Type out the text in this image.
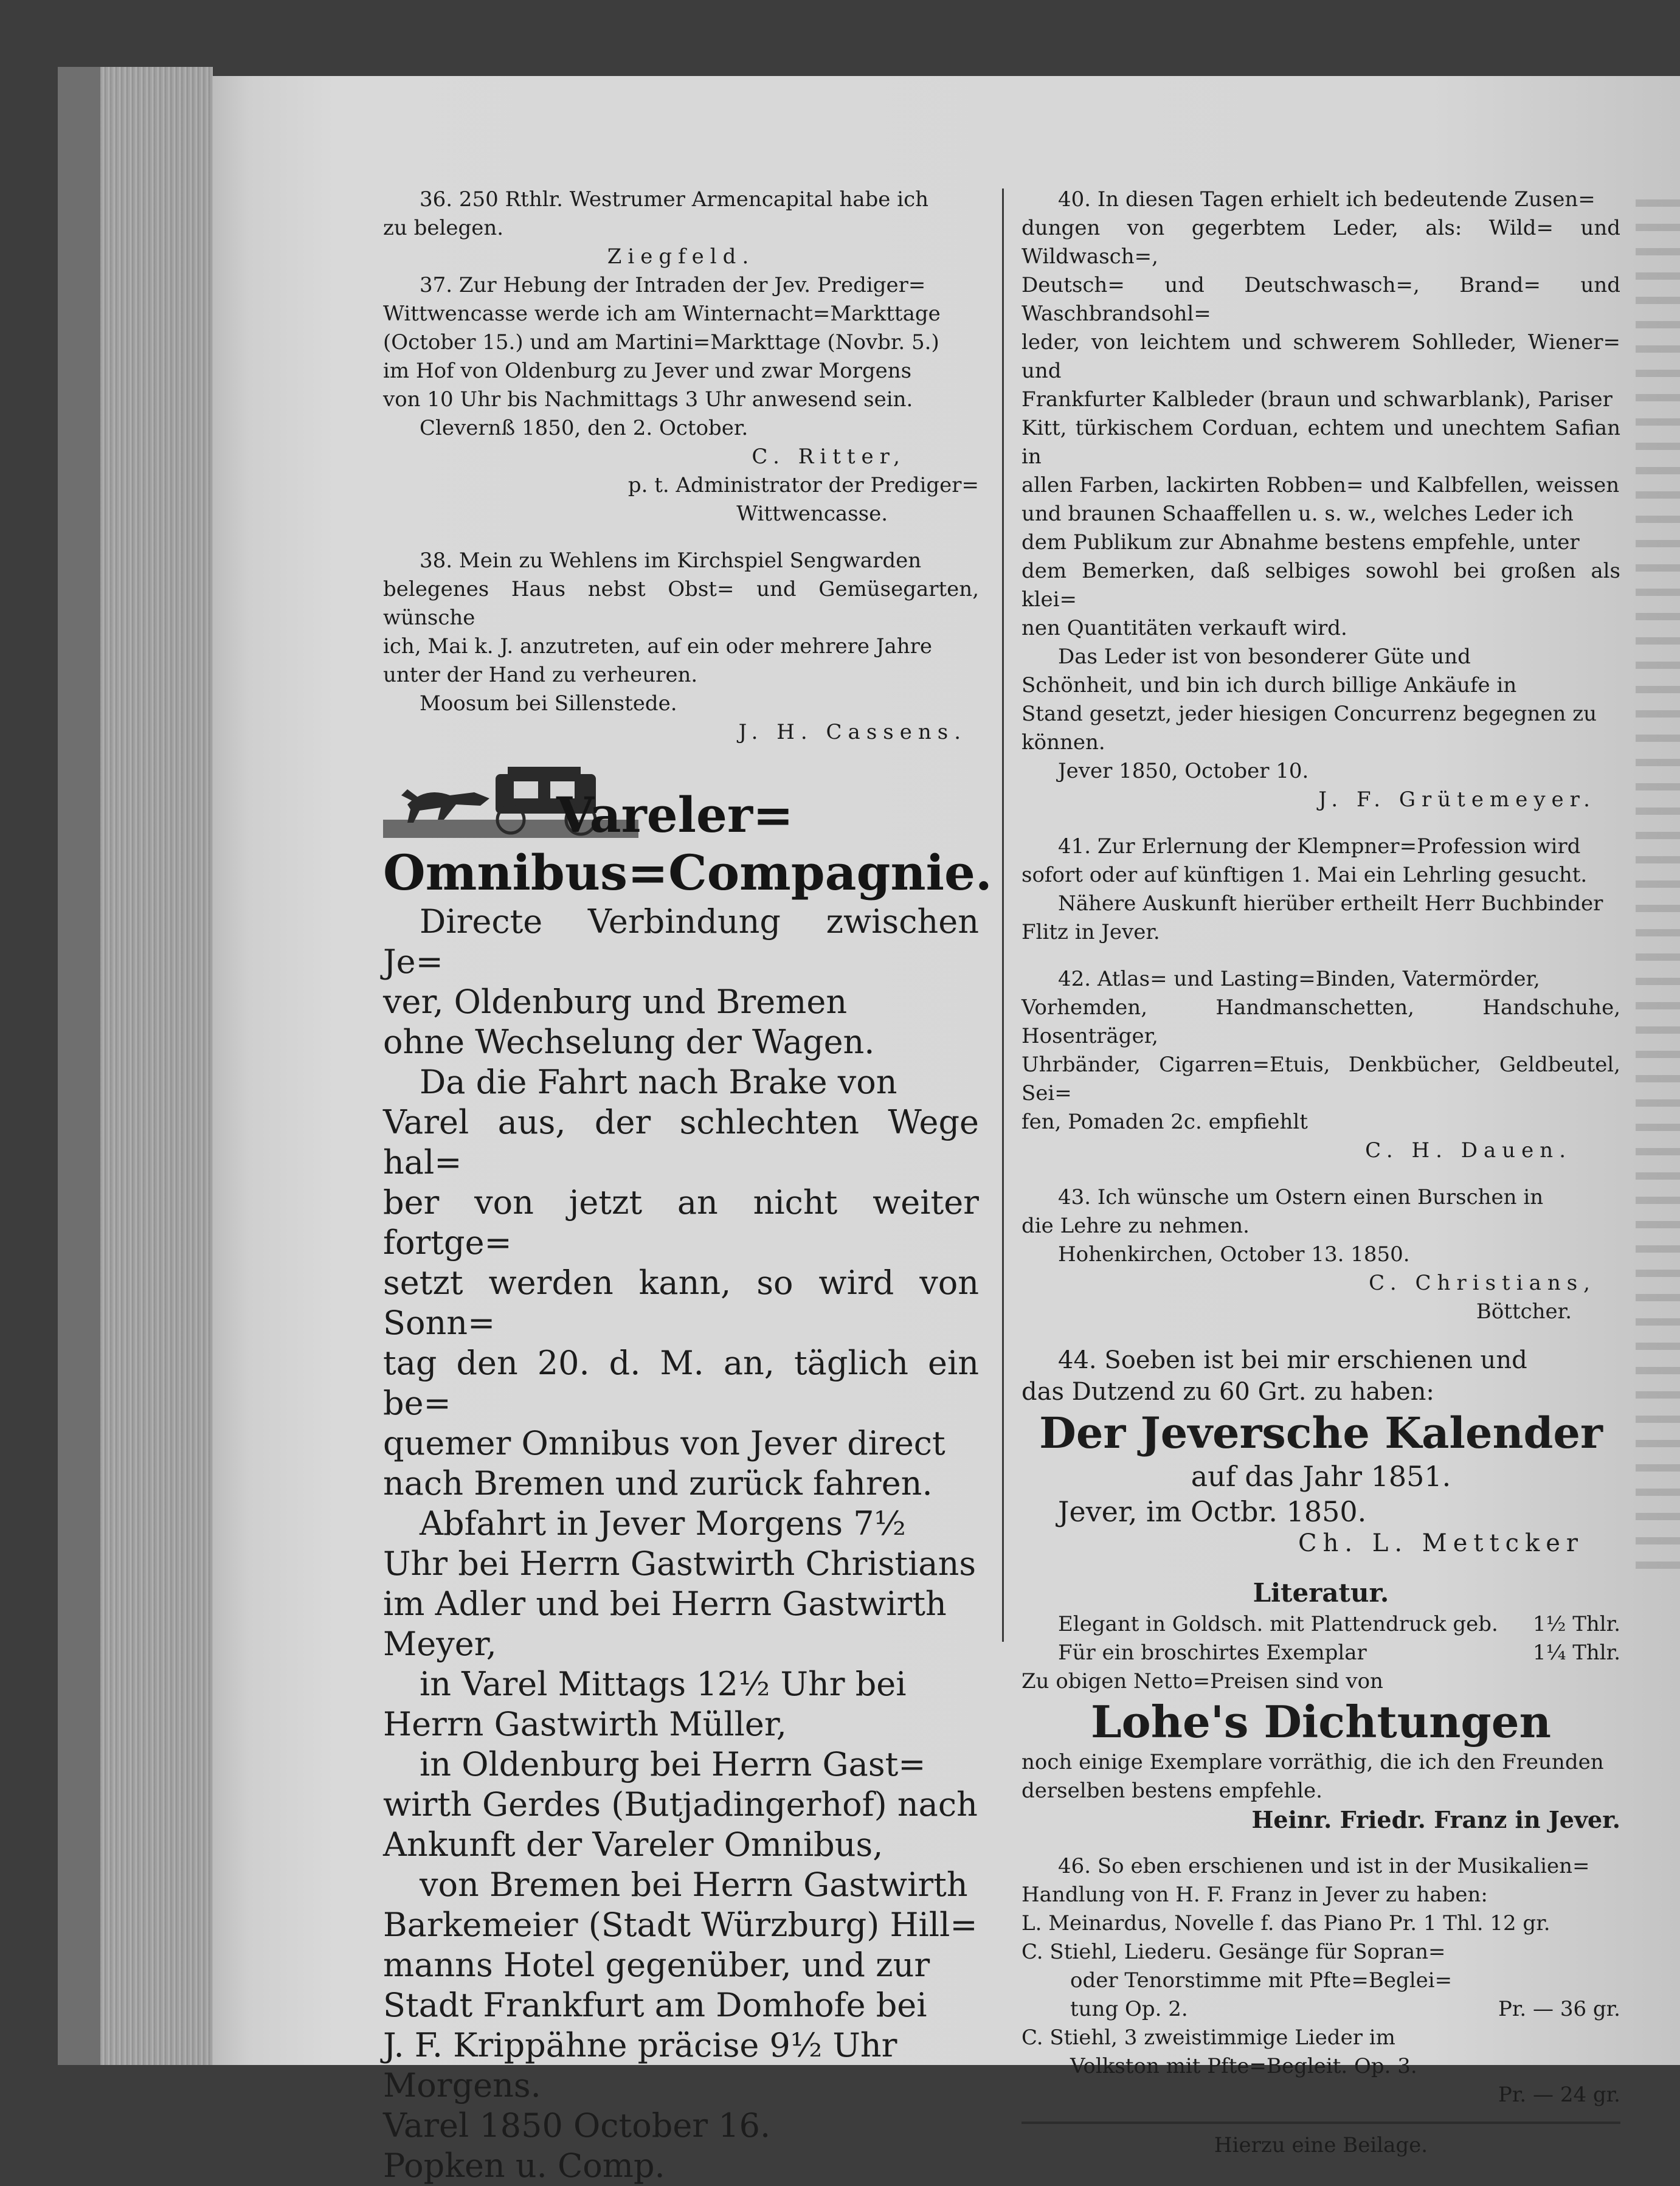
36. 250 Rthlr. Westrumer Armencapital habe ich

zu belegen.

Ziegfeld.

37. Zur Hebung der Intraden der Jev. Prediger=

Wittwencasse werde ich am Winternacht=Markttage

(October 15.) und am Martini=Markttage (Novbr. 5.)

im Hof von Oldenburg zu Jever und zwar Morgens

von 10 Uhr bis Nachmittags 3 Uhr anwesend sein.

Clevernß 1850, den 2. October.

C. Ritter,

p. t. Administrator der Prediger=

Wittwencasse.

38. Mein zu Wehlens im Kirchspiel Sengwarden

belegenes Haus nebst Obst= und Gemüsegarten, wünsche

ich, Mai k. J. anzutreten, auf ein oder mehrere Jahre

unter der Hand zu verheuren.

Moosum bei Sillenstede.

J. H. Cassens.

Vareler=
Omnibus=Compagnie.

Directe Verbindung zwischen Je=

ver, Oldenburg und Bremen

ohne Wechselung der Wagen.

Da die Fahrt nach Brake von

Varel aus, der schlechten Wege hal=

ber von jetzt an nicht weiter fortge=

setzt werden kann, so wird von Sonn=

tag den 20. d. M. an, täglich ein be=

quemer Omnibus von Jever direct

nach Bremen und zurück fahren.

Abfahrt in Jever Morgens 7½

Uhr bei Herrn Gastwirth Christians

im Adler und bei Herrn Gastwirth

Meyer,

in Varel Mittags 12½ Uhr bei

Herrn Gastwirth Müller,

in Oldenburg bei Herrn Gast=

wirth Gerdes (Butjadingerhof) nach

Ankunft der Vareler Omnibus,

von Bremen bei Herrn Gastwirth

Barkemeier (Stadt Würzburg) Hill=

manns Hotel gegenüber, und zur

Stadt Frankfurt am Domhofe bei

J. F. Krippähne präcise 9½ Uhr

Morgens.

Varel 1850 October 16.

Popken u. Comp.

40. In diesen Tagen erhielt ich bedeutende Zusen=

dungen von gegerbtem Leder, als: Wild= und Wildwasch=,

Deutsch= und Deutschwasch=, Brand= und Waschbrandsohl=

leder, von leichtem und schwerem Sohlleder, Wiener= und

Frankfurter Kalbleder (braun und schwarblank), Pariser

Kitt, türkischem Corduan, echtem und unechtem Safian in

allen Farben, lackirten Robben= und Kalbfellen, weissen

und braunen Schaaffellen u. s. w., welches Leder ich

dem Publikum zur Abnahme bestens empfehle, unter

dem Bemerken, daß selbiges sowohl bei großen als klei=

nen Quantitäten verkauft wird.

Das Leder ist von besonderer Güte und

Schönheit, und bin ich durch billige Ankäufe in

Stand gesetzt, jeder hiesigen Concurrenz begegnen zu

können.

Jever 1850, October 10.

J. F. Grütemeyer.

41. Zur Erlernung der Klempner=Profession wird

sofort oder auf künftigen 1. Mai ein Lehrling gesucht.

Nähere Auskunft hierüber ertheilt Herr Buchbinder

Flitz in Jever.

42. Atlas= und Lasting=Binden, Vatermörder,

Vorhemden, Handmanschetten, Handschuhe, Hosenträger,

Uhrbänder, Cigarren=Etuis, Denkbücher, Geldbeutel, Sei=

fen, Pomaden 2c. empfiehlt

C. H. Dauen.

43. Ich wünsche um Ostern einen Burschen in

die Lehre zu nehmen.

Hohenkirchen, October 13. 1850.

C. Christians,

Böttcher.

44. Soeben ist bei mir erschienen und

das Dutzend zu 60 Grt. zu haben:

Der Jeversche Kalender

auf das Jahr 1851.

Jever, im Octbr. 1850.

Ch. L. Mettcker

Literatur.

Elegant in Goldsch. mit Plattendruck geb. 1½ Thlr.
Für ein broschirtes Exemplar	1¼ Thlr.

Zu obigen Netto=Preisen sind von

Lohe's Dichtungen

noch einige Exemplare vorräthig, die ich den Freunden

derselben bestens empfehle.

Heinr. Friedr. Franz in Jever.

46. So eben erschienen und ist in der Musikalien=

Handlung von H. F. Franz in Jever zu haben:

L. Meinardus, Novelle f. das Piano Pr. 1 Thl. 12 gr.

C. Stiehl, Liederu. Gesänge für Sopran=

oder Tenorstimme mit Pfte=Beglei=

tung Op. 2.	Pr. — 36 gr.

C. Stiehl, 3 zweistimmige Lieder im

Volkston mit Pfte=Begleit. Op. 3.

Pr. — 24 gr.

Hierzu eine Beilage.
